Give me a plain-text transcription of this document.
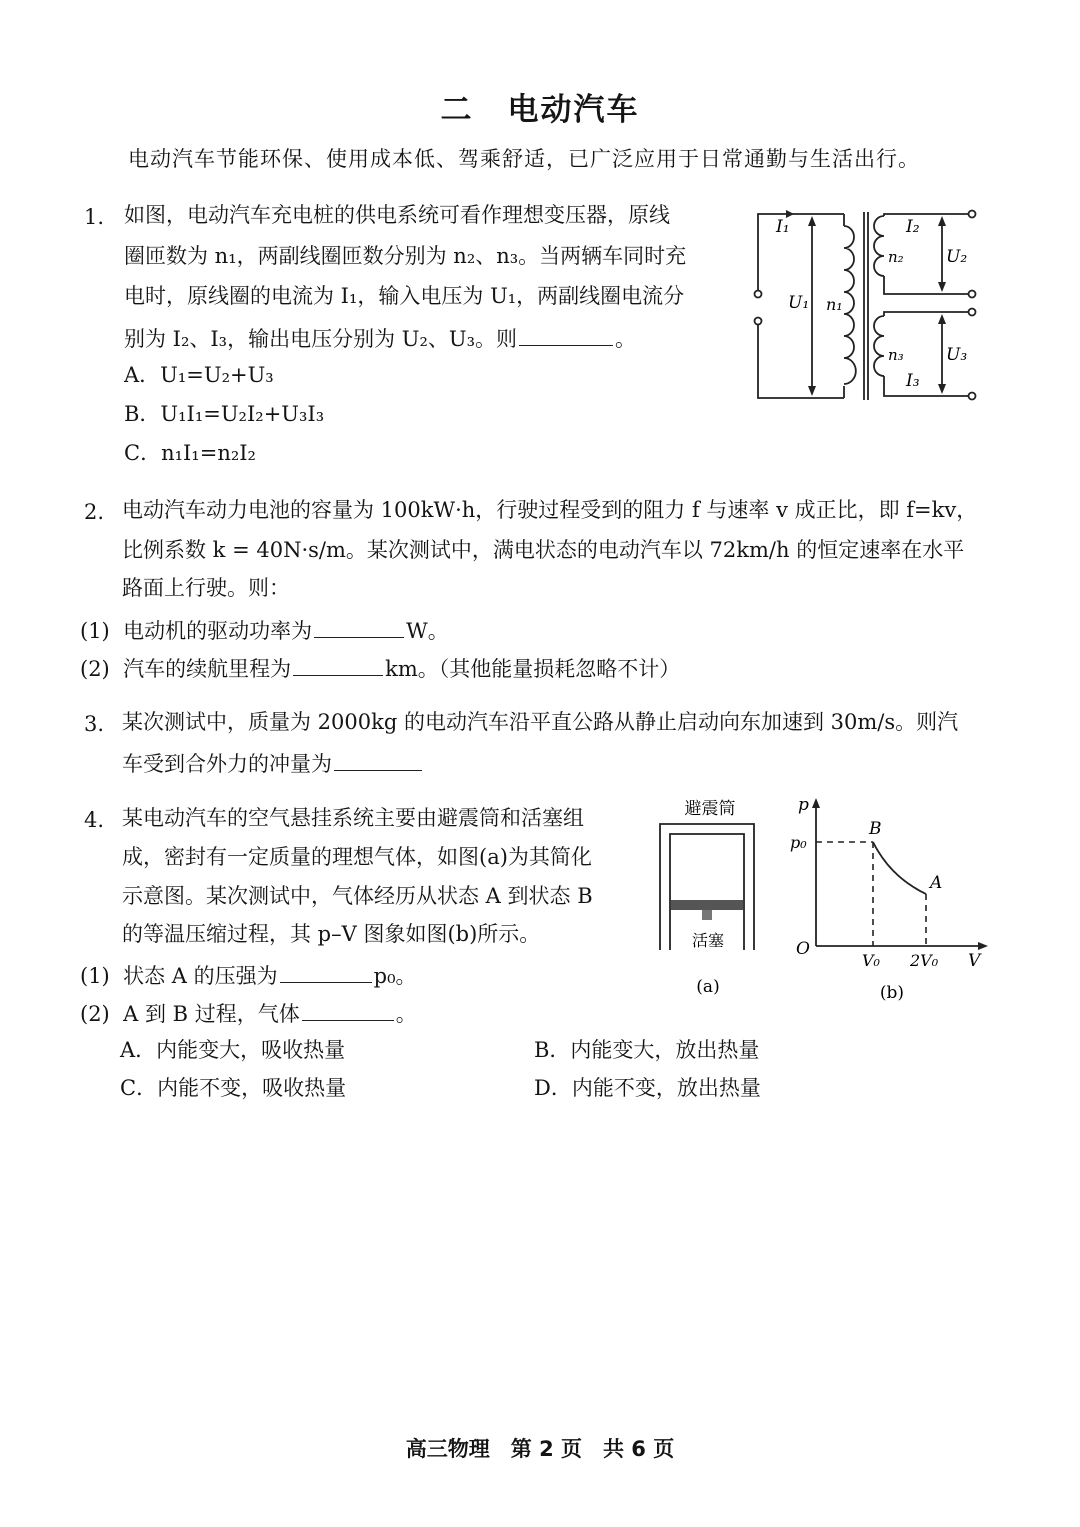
二 电动汽车
电动汽车节能环保、使用成本低、驾乘舒适，已广泛应用于日常通勤与生活出行。
1. 如图，电动汽车充电桩的供电系统可看作理想变压器，原线
圈匝数为 n₁，两副线圈匝数分别为 n₂、n₃。当两辆车同时充
电时，原线圈的电流为 I₁，输入电压为 U₁，两副线圈电流分
别为 I₂、I₃，输出电压分别为 U₂、U₃。则	。
A．U₁=U₂+U₃
B．U₁I₁=U₂I₂+U₃I₃
C．n₁I₁=n₂I₂
I₁
U₁ n₁
I₂
n₂ U₂
n₃
I₃
U₃
2. 电动汽车动力电池的容量为 100kW·h，行驶过程受到的阻力 f 与速率 v 成正比，即 f=kv，
比例系数 k = 40N·s/m。某次测试中，满电状态的电动汽车以 72km/h 的恒定速率在水平
路面上行驶。则：
(1) 电动机的驱动功率为	W。
(2) 汽车的续航里程为	km。（其他能量损耗忽略不计）
3. 某次测试中，质量为 2000kg 的电动汽车沿平直公路从静止启动向东加速到 30m/s。则汽
车受到合外力的冲量为
4. 某电动汽车的空气悬挂系统主要由避震筒和活塞组
成，密封有一定质量的理想气体，如图(a)为其简化
示意图。某次测试中，气体经历从状态 A 到状态 B
的等温压缩过程，其 p–V 图象如图(b)所示。
(1) 状态 A 的压强为	p₀。
(2) A 到 B 过程，气体	。
A．内能变大，吸收热量	B．内能变大，放出热量
C．内能不变，吸收热量	D．内能不变，放出热量
避震筒
活塞
(a)
p
V
O
p₀
V₀ 2V₀
B
A
(b)
高三物理　第 2 页　共 6 页
